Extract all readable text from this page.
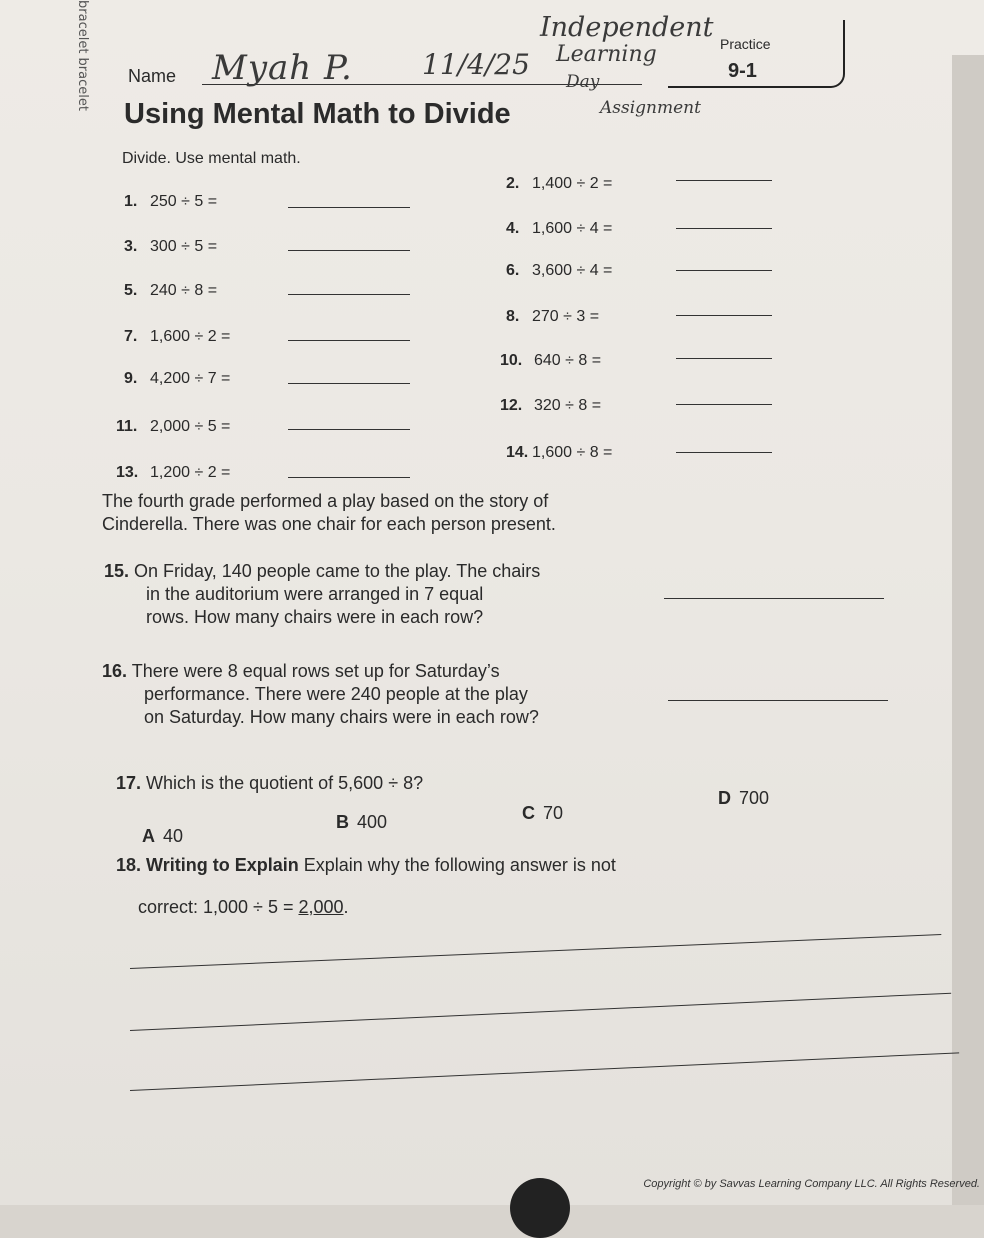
bracelet bracelet Name Myah P. 11/4/25
Independent
Learning
Day
Assignment
Practice
9-1
Using Mental Math to Divide
Divide. Use mental math.
1. 250 ÷ 5 =
3. 300 ÷ 5 =
5. 240 ÷ 8 =
7. 1,600 ÷ 2 =
9. 4,200 ÷ 7 =
11. 2,000 ÷ 5 =
13. 1,200 ÷ 2 =
2. 1,400 ÷ 2 =
4. 1,600 ÷ 4 =
6. 3,600 ÷ 4 =
8. 270 ÷ 3 =
10. 640 ÷ 8 =
12. 320 ÷ 8 =
14. 1,600 ÷ 8 =
The fourth grade performed a play based on the story of
Cinderella. There was one chair for each person present.
15. On Friday, 140 people came to the play. The chairs
in the auditorium were arranged in 7 equal
rows. How many chairs were in each row?
16. There were 8 equal rows set up for Saturday’s
performance. There were 240 people at the play
on Saturday. How many chairs were in each row?
17. Which is the quotient of 5,600 ÷ 8?
A 40
B 400	C 70
D 700
18. Writing to Explain Explain why the following answer is not
correct: 1,000 ÷ 5 = 2,000.
Copyright © by Savvas Learning Company LLC. All Rights Reserved.
